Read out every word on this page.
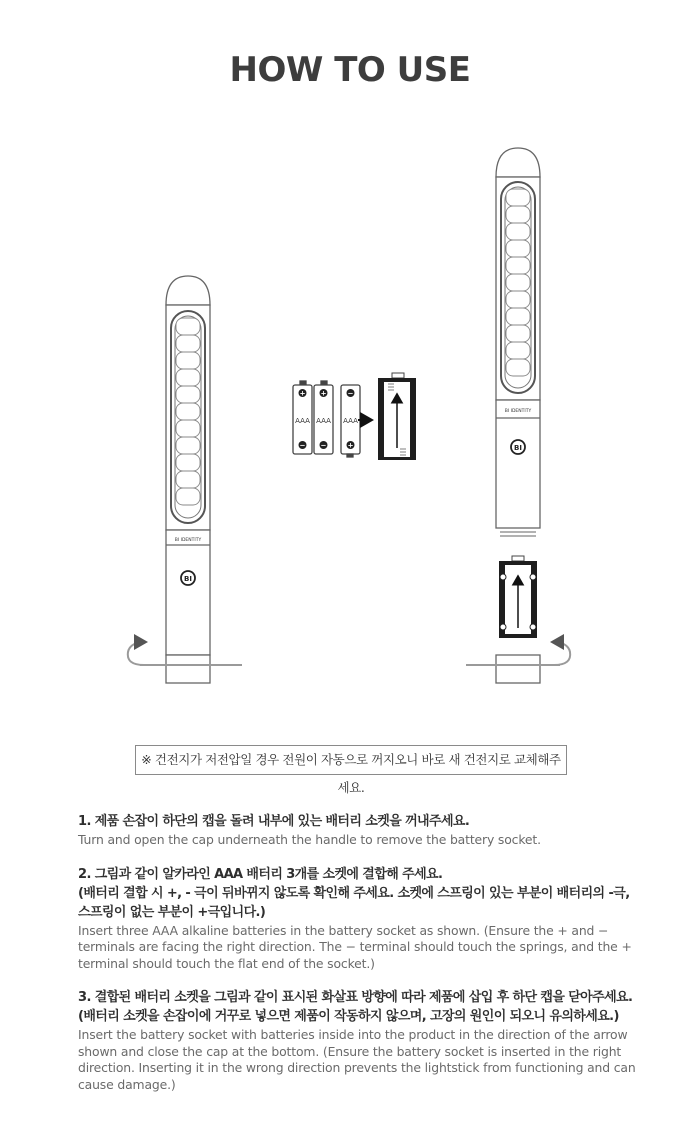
HOW TO USE
BI IDENTITY
BI
AAA AAA AAA
+ +	−
− −	+
BI IDENTITY
BI
※ 건전지가 저전압일 경우 전원이 자동으로 꺼지오니 바로 새 건전지로 교체해주세요.

1. 제품 손잡이 하단의 캡을 돌려 내부에 있는 배터리 소켓을 꺼내주세요.

Turn and open the cap underneath the handle to remove the battery socket.

2. 그림과 같이 알카라인 AAA 배터리 3개를 소켓에 결합해 주세요.

(배터리 결합 시 +, - 극이 뒤바뀌지 않도록 확인해 주세요. 소켓에 스프링이 있는 부분이 배터리의 -극,

스프링이 없는 부분이 +극입니다.)

Insert three AAA alkaline batteries in the battery socket as shown. (Ensure the + and − terminals are facing the right direction. The − terminal should touch the springs, and the + terminal should touch the flat end of the socket.)

3. 결합된 배터리 소켓을 그림과 같이 표시된 화살표 방향에 따라 제품에 삽입 후 하단 캡을 닫아주세요.

(배터리 소켓을 손잡이에 거꾸로 넣으면 제품이 작동하지 않으며, 고장의 원인이 되오니 유의하세요.)

Insert the battery socket with batteries inside into the product in the direction of the arrow shown and close the cap at the bottom. (Ensure the battery socket is inserted in the right direction. Inserting it in the wrong direction prevents the lightstick from functioning and can cause damage.)
